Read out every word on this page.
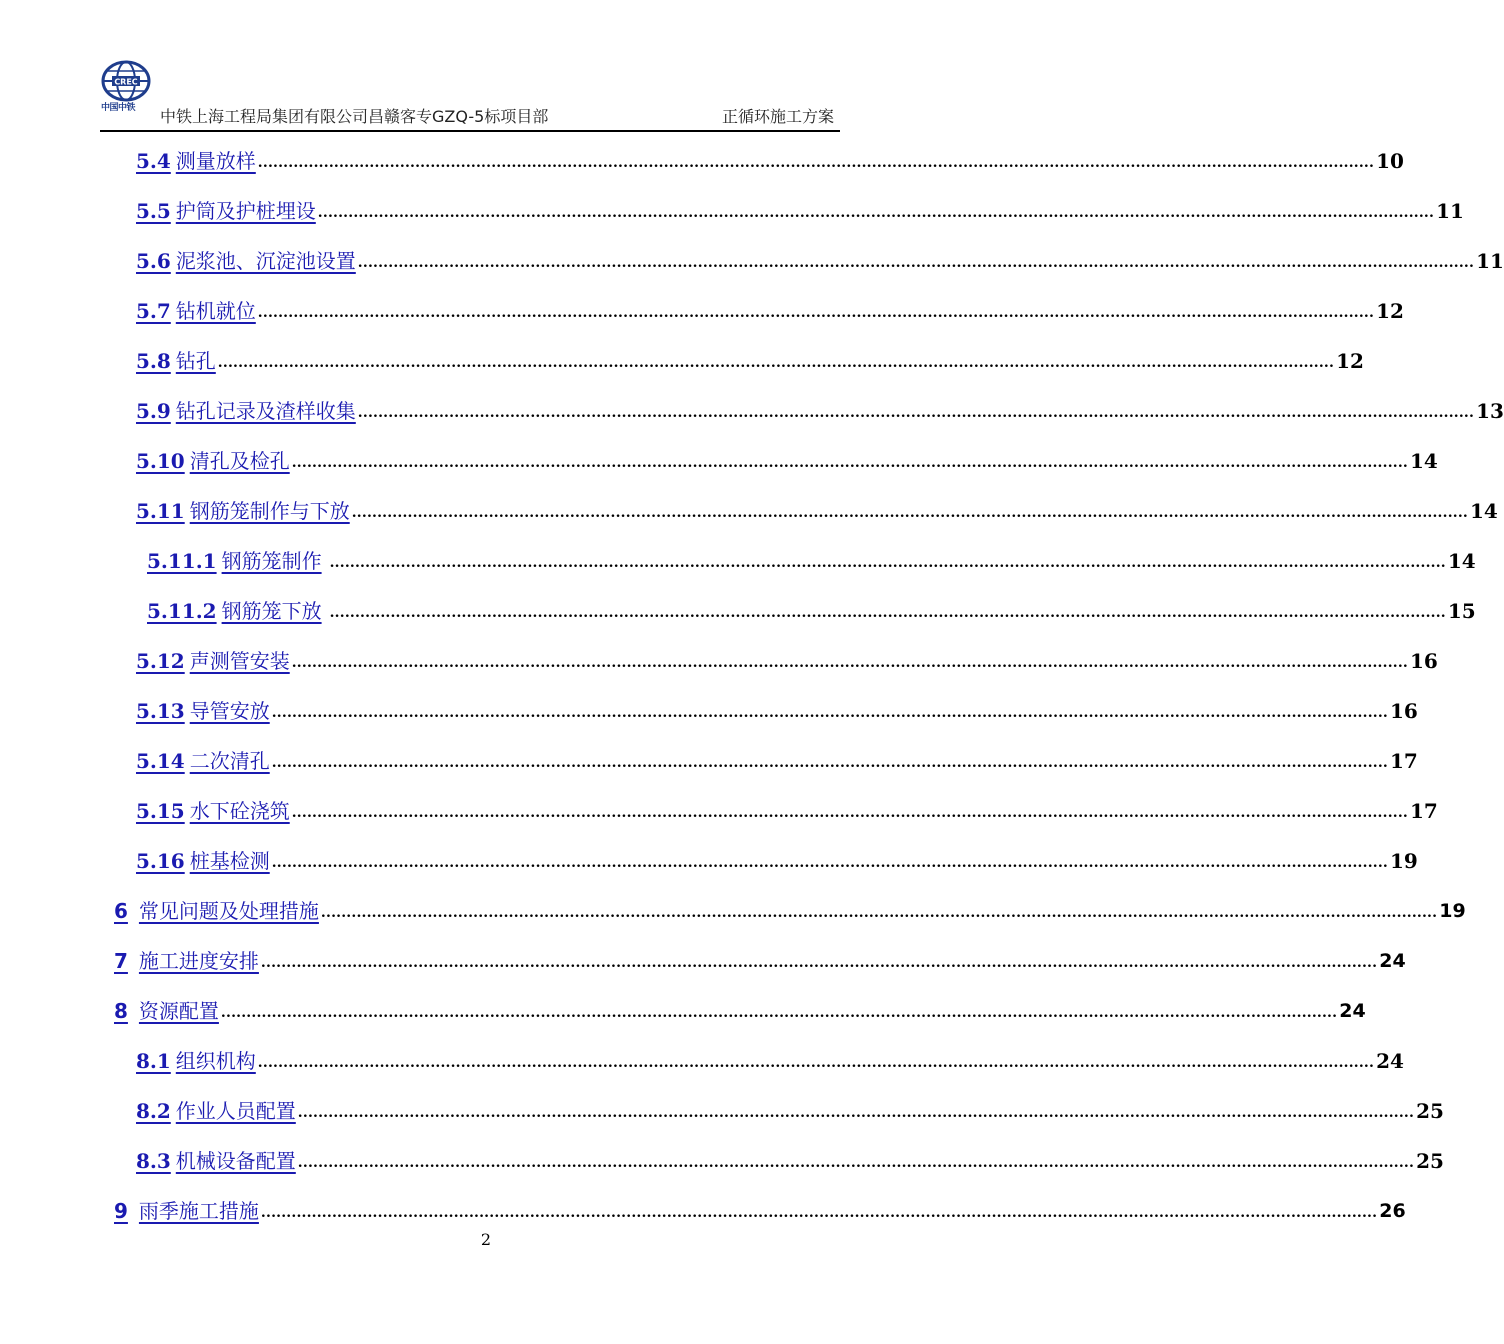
CREC
中国中铁	中铁上海工程局集团有限公司昌赣客专GZQ-5标项目部	正循环施工方案
5.4 测量放样 ............................................................................................................................................................................................................................ 10
5.5 护筒及护桩埋设 ............................................................................................................................................................................................................................ 11
5.6 泥浆池、沉淀池设置 ............................................................................................................................................................................................................................ 11
5.7 钻机就位 ............................................................................................................................................................................................................................ 12
5.8 钻孔 ............................................................................................................................................................................................................................ 12
5.9 钻孔记录及渣样收集 ............................................................................................................................................................................................................................ 13
5.10 清孔及检孔 ............................................................................................................................................................................................................................ 14
5.11 钢筋笼制作与下放 ............................................................................................................................................................................................................................ 14
5.11.1 钢筋笼制作 ............................................................................................................................................................................................................................ 14
5.11.2 钢筋笼下放 ............................................................................................................................................................................................................................ 15
5.12 声测管安装 ............................................................................................................................................................................................................................ 16
5.13 导管安放 ............................................................................................................................................................................................................................ 16
5.14 二次清孔 ............................................................................................................................................................................................................................ 17
5.15 水下砼浇筑 ............................................................................................................................................................................................................................ 17
5.16 桩基检测 ............................................................................................................................................................................................................................ 19
6 常见问题及处理措施 ............................................................................................................................................................................................................................ 19
7 施工进度安排 ............................................................................................................................................................................................................................ 24
8 资源配置 ............................................................................................................................................................................................................................ 24
8.1 组织机构 ............................................................................................................................................................................................................................ 24
8.2 作业人员配置 ............................................................................................................................................................................................................................ 25
8.3 机械设备配置 ............................................................................................................................................................................................................................ 25
9 雨季施工措施 ............................................................................................................................................................................................................................ 26
2
